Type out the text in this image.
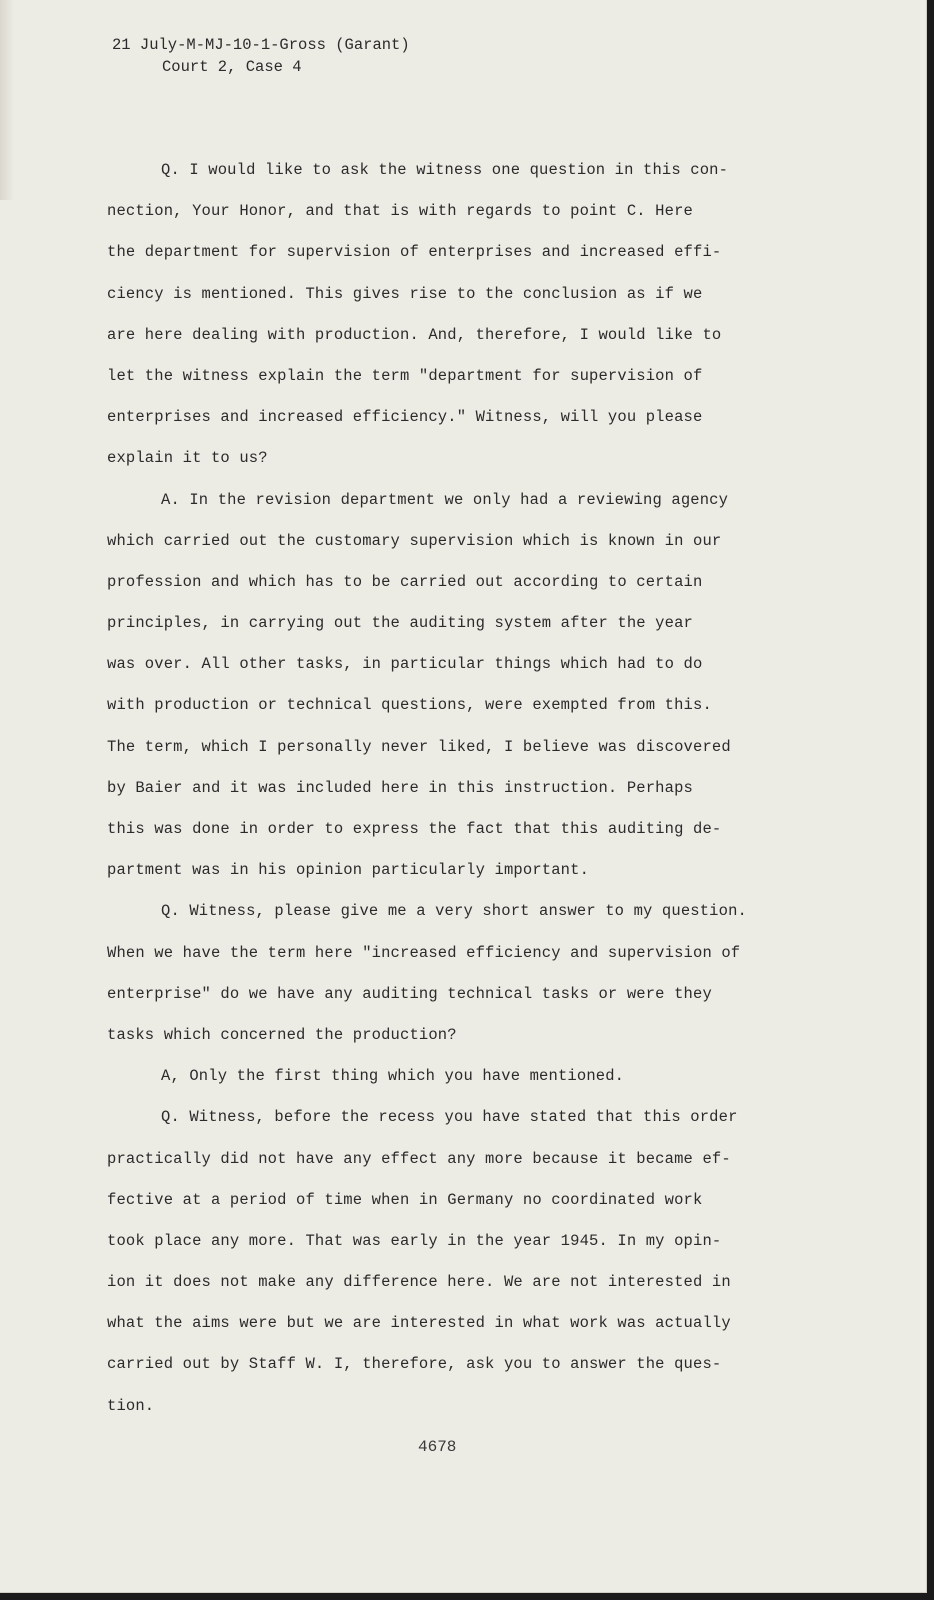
21 July-M-MJ-10-1-Gross (Garant)
Court 2, Case 4
Q. I would like to ask the witness one question in this con-
nection, Your Honor, and that is with regards to point C. Here
the department for supervision of enterprises and increased effi-
ciency is mentioned. This gives rise to the conclusion as if we
are here dealing with production. And, therefore, I would like to
let the witness explain the term "department for supervision of
enterprises and increased efficiency." Witness, will you please
explain it to us?
A. In the revision department we only had a reviewing agency
which carried out the customary supervision which is known in our
profession and which has to be carried out according to certain
principles, in carrying out the auditing system after the year
was over. All other tasks, in particular things which had to do
with production or technical questions, were exempted from this.
The term, which I personally never liked, I believe was discovered
by Baier and it was included here in this instruction. Perhaps
this was done in order to express the fact that this auditing de-
partment was in his opinion particularly important.
Q. Witness, please give me a very short answer to my question.
When we have the term here "increased efficiency and supervision of
enterprise" do we have any auditing technical tasks or were they
tasks which concerned the production?
A, Only the first thing which you have mentioned.
Q. Witness, before the recess you have stated that this order
practically did not have any effect any more because it became ef-
fective at a period of time when in Germany no coordinated work
took place any more. That was early in the year 1945. In my opin-
ion it does not make any difference here. We are not interested in
what the aims were but we are interested in what work was actually
carried out by Staff W. I, therefore, ask you to answer the ques-
tion.
4678
